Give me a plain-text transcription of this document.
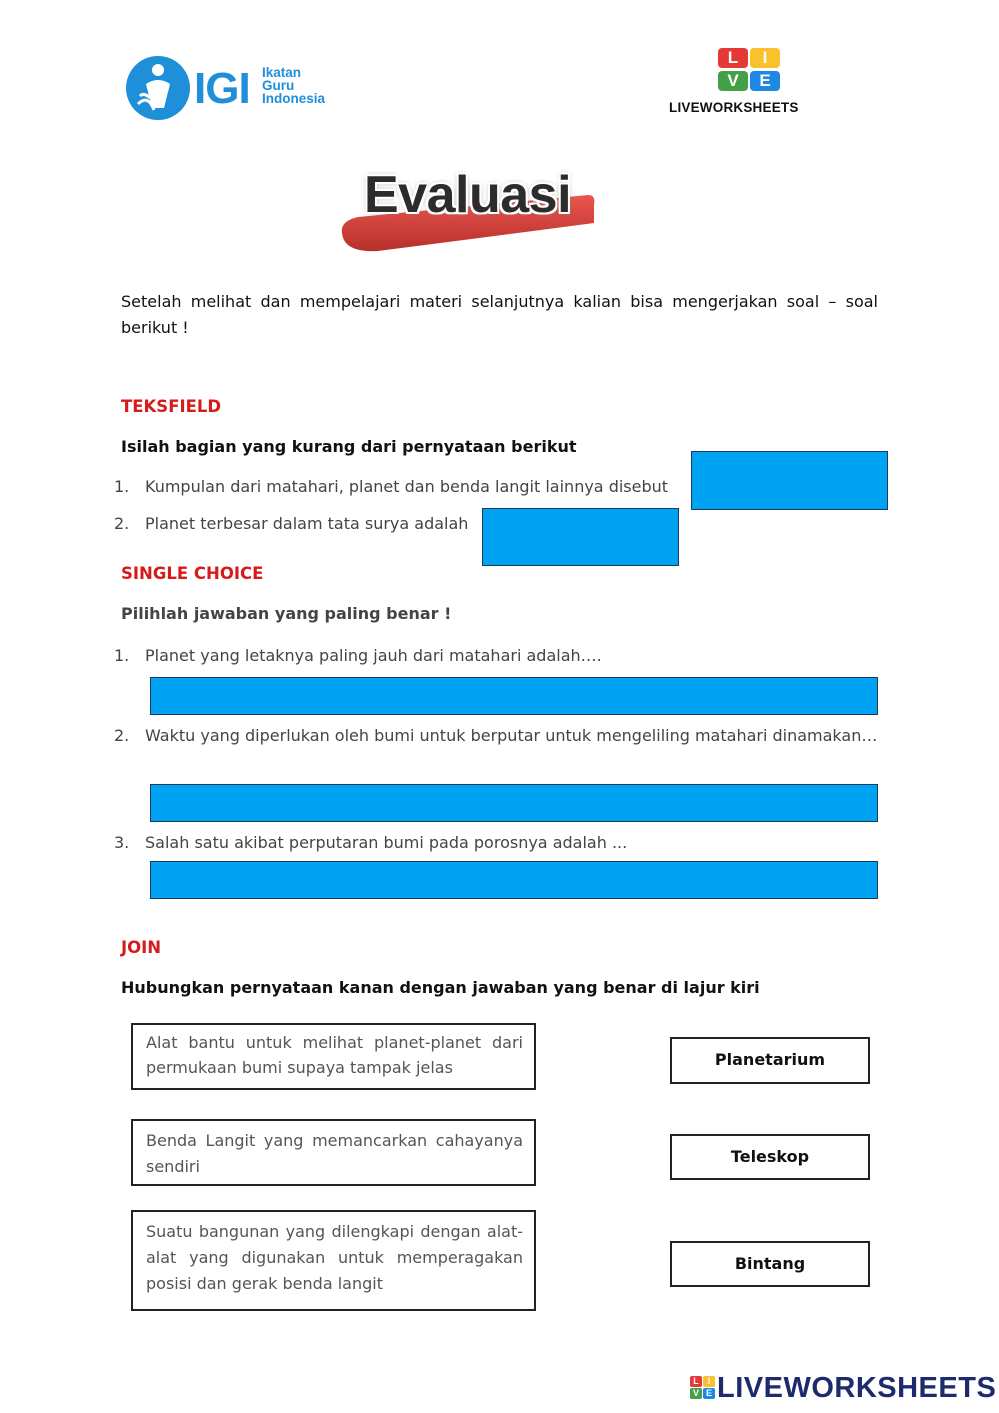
IGI Ikatan
Guru
Indonesia
L	I
V	E
LIVEWORKSHEETS
Evaluasi
Setelah melihat dan mempelajari materi selanjutnya kalian bisa mengerjakan soal – soal berikut !
TEKSFIELD
Isilah bagian yang kurang dari pernyataan berikut
1. Kumpulan dari matahari, planet dan benda langit lainnya disebut
2. Planet terbesar dalam tata surya adalah
SINGLE CHOICE
Pilihlah jawaban yang paling benar !
1. Planet yang letaknya paling jauh dari matahari adalah….
2. Waktu yang diperlukan oleh bumi untuk berputar untuk mengeliling matahari dinamakan…
3. Salah satu akibat perputaran bumi pada porosnya adalah ...
JOIN
Hubungkan pernyataan kanan dengan jawaban yang benar di lajur kiri
Alat bantu untuk melihat planet-planet dari permukaan bumi supaya tampak jelas
Benda Langit yang memancarkan cahayanya sendiri
Suatu bangunan yang dilengkapi dengan alat-alat yang digunakan untuk memperagakan posisi dan gerak benda langit
Planetarium
Teleskop
Bintang
L I
V E LIVEWORKSHEETS
